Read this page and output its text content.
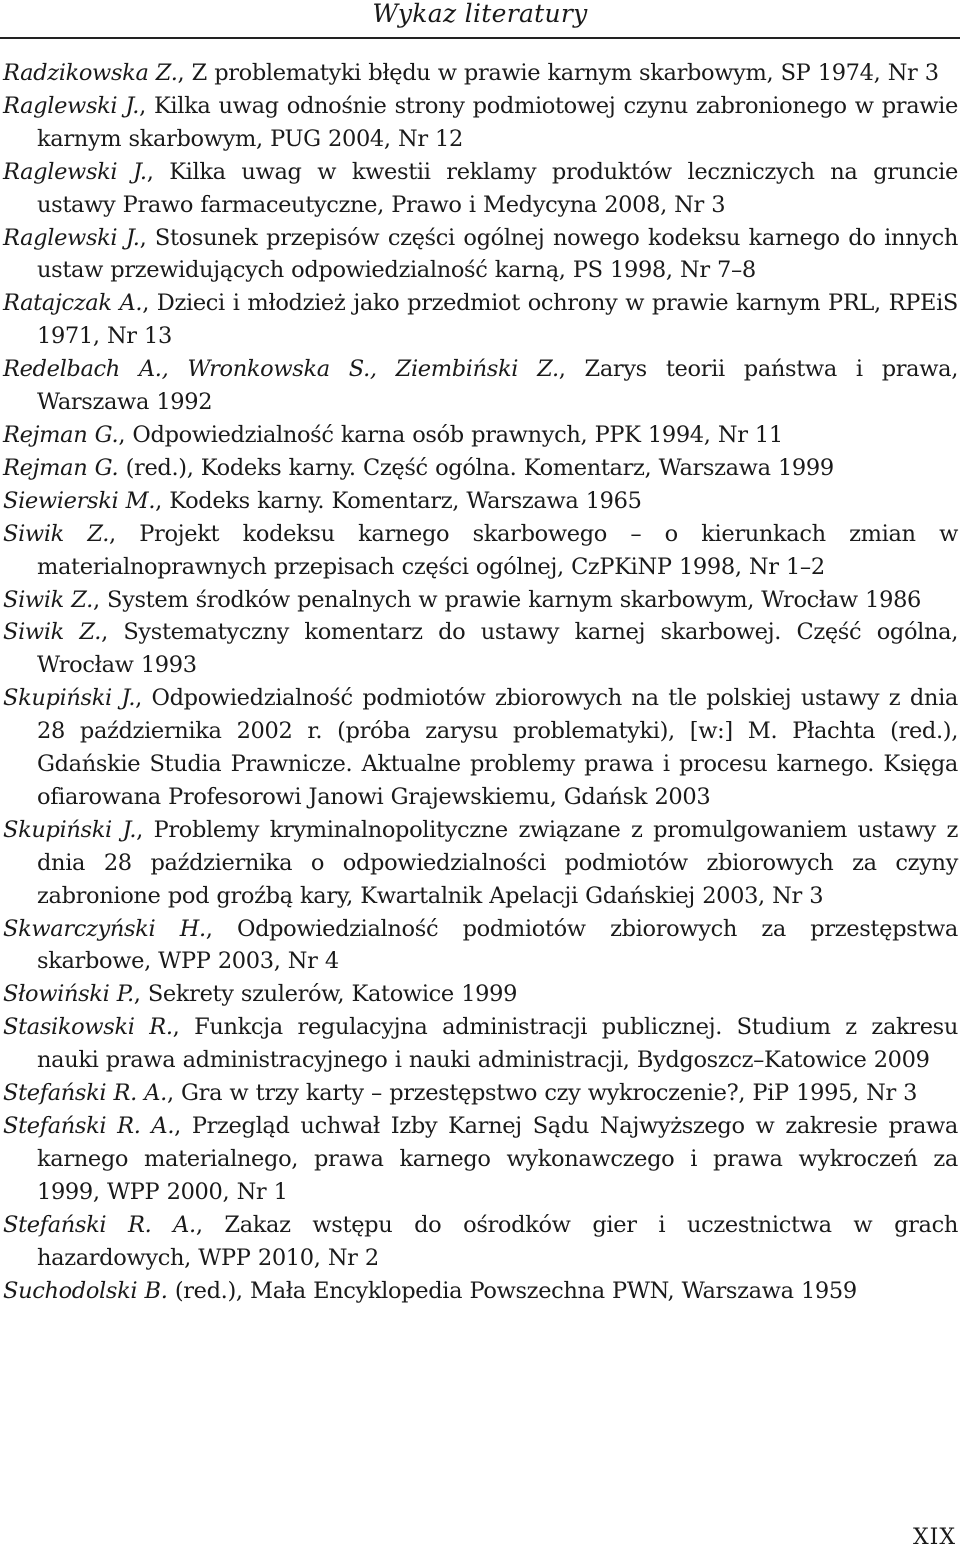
Wykaz literatury
Radzikowska Z., Z problematyki błędu w prawie karnym skarbowym, SP 1974, Nr 3
Raglewski J., Kilka uwag odnośnie strony podmiotowej czynu zabronionego w prawie karnym skarbowym, PUG 2004, Nr 12
Raglewski J., Kilka uwag w kwestii reklamy produktów leczniczych na gruncie ustawy Prawo farmaceutyczne, Prawo i Medycyna 2008, Nr 3
Raglewski J., Stosunek przepisów części ogólnej nowego kodeksu karnego do innych ustaw przewidujących odpowiedzialność karną, PS 1998, Nr 7–8
Ratajczak A., Dzieci i młodzież jako przedmiot ochrony w prawie karnym PRL, RPEiS 1971, Nr 13
Redelbach A., Wronkowska S., Ziembiński Z., Zarys teorii państwa i prawa, Warszawa 1992
Rejman G., Odpowiedzialność karna osób prawnych, PPK 1994, Nr 11
Rejman G. (red.), Kodeks karny. Część ogólna. Komentarz, Warszawa 1999
Siewierski M., Kodeks karny. Komentarz, Warszawa 1965
Siwik Z., Projekt kodeksu karnego skarbowego – o kierunkach zmian w materialnoprawnych przepisach części ogólnej, CzPKiNP 1998, Nr 1–2
Siwik Z., System środków penalnych w prawie karnym skarbowym, Wrocław 1986
Siwik Z., Systematyczny komentarz do ustawy karnej skarbowej. Część ogólna, Wrocław 1993
Skupiński J., Odpowiedzialność podmiotów zbiorowych na tle polskiej ustawy z dnia 28 października 2002 r. (próba zarysu problematyki), [w:] M. Płachta (red.), Gdańskie Studia Prawnicze. Aktualne problemy prawa i procesu karnego. Księga ofiarowana Profesorowi Janowi Grajewskiemu, Gdańsk 2003
Skupiński J., Problemy kryminalnopolityczne związane z promulgowaniem ustawy z dnia 28 października o odpowiedzialności podmiotów zbiorowych za czyny zabronione pod groźbą kary, Kwartalnik Apelacji Gdańskiej 2003, Nr 3
Skwarczyński H., Odpowiedzialność podmiotów zbiorowych za przestępstwa skarbowe, WPP 2003, Nr 4
Słowiński P., Sekrety szulerów, Katowice 1999
Stasikowski R., Funkcja regulacyjna administracji publicznej. Studium z zakresu nauki prawa administracyjnego i nauki administracji, Bydgoszcz–Katowice 2009
Stefański R. A., Gra w trzy karty – przestępstwo czy wykroczenie?, PiP 1995, Nr 3
Stefański R. A., Przegląd uchwał Izby Karnej Sądu Najwyższego w zakresie prawa karnego materialnego, prawa karnego wykonawczego i prawa wykroczeń za 1999, WPP 2000, Nr 1
Stefański R. A., Zakaz wstępu do ośrodków gier i uczestnictwa w grach hazardowych, WPP 2010, Nr 2
Suchodolski B. (red.), Mała Encyklopedia Powszechna PWN, Warszawa 1959
XIX
